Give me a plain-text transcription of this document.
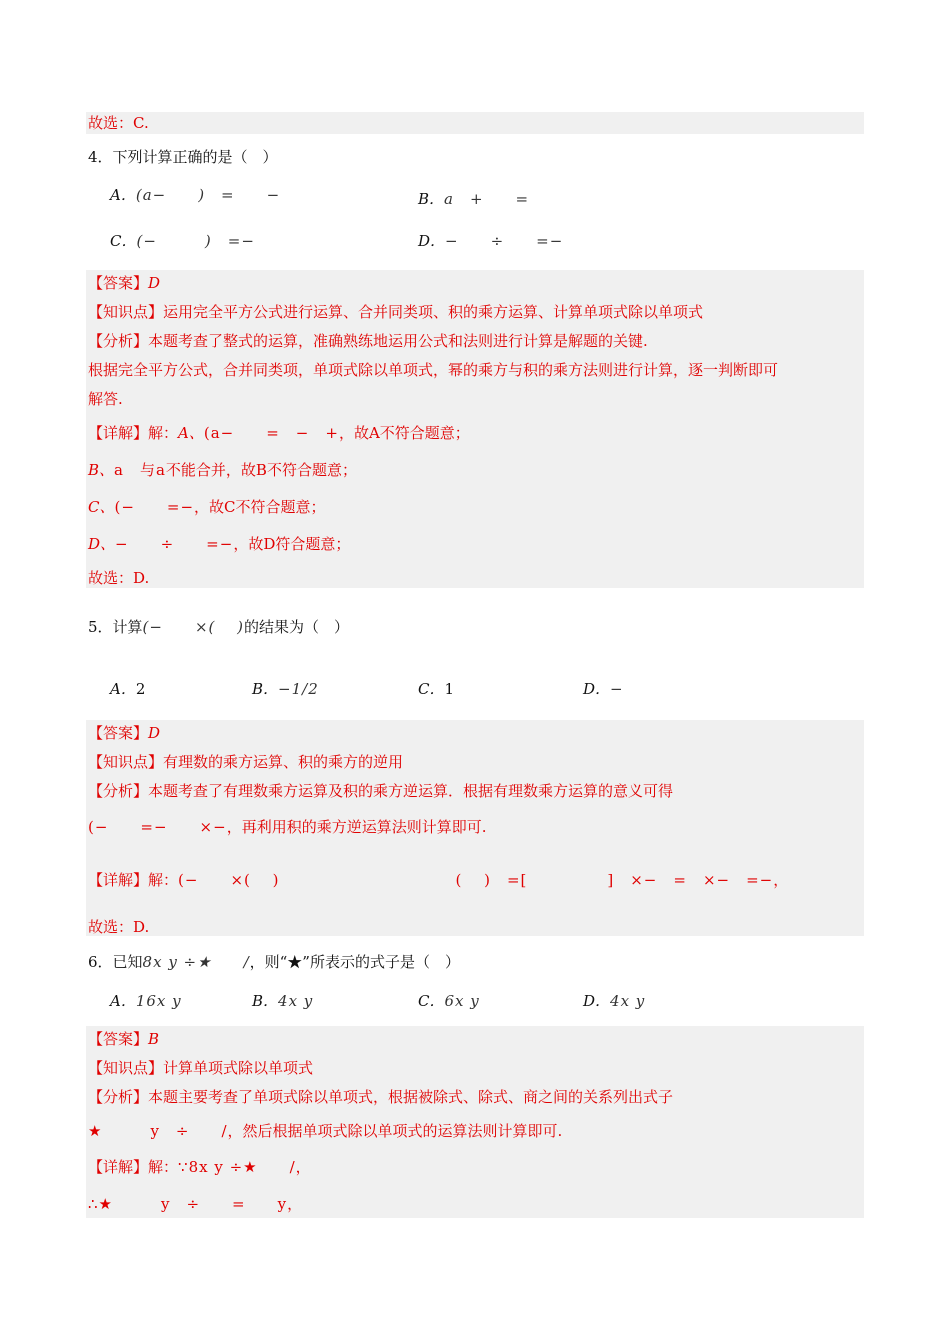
故选：C.
4．下列计算正确的是（　）
A．(a−　　)　=　　−	B．a　+　　=
C．(−　　　)　=−	D．−　　÷　　=−
【答案】D
【知识点】运用完全平方公式进行运算、合并同类项、积的乘方运算、计算单项式除以单项式
【分析】本题考查了整式的运算，准确熟练地运用公式和法则进行计算是解题的关键.
根据完全平方公式，合并同类项，单项式除以单项式，幂的乘方与积的乘方法则进行计算，逐一判断即可
解答.
【详解】解：A、(a−　　=　−　+，故A不符合题意；
B、a　与a不能合并，故B不符合题意；
C、(−　　=−，故C不符合题意；
D、−　　÷　　=−，故D符合题意；
故选：D.
5．计算(−　　×( 　)的结果为（　）
A．2	B．−1/2	C．1	D．−
【答案】D
【知识点】有理数的乘方运算、积的乘方的逆用
【分析】本题考查了有理数乘方运算及积的乘方逆运算．根据有理数乘方运算的意义可得
(−　　=−　　×−，再利用积的乘方逆运算法则计算即可.
【详解】解：(−　　×( 　)　　　　　　　　　　　( 　)　=[　　　　　]　×−　=　×−　=−，
故选：D.
6．已知8x y ÷★　　/，则“★”所表示的式子是（　）
A．16x y	B．4x y	C．6x y	D．4x y
【答案】B
【知识点】计算单项式除以单项式
【分析】本题主要考查了单项式除以单项式，根据被除式、除式、商之间的关系列出式子
★　　　y　÷　　/，然后根据单项式除以单项式的运算法则计算即可.
【详解】解：∵8x y ÷★　　/，
∴★　　　y　÷　　=　　y，
